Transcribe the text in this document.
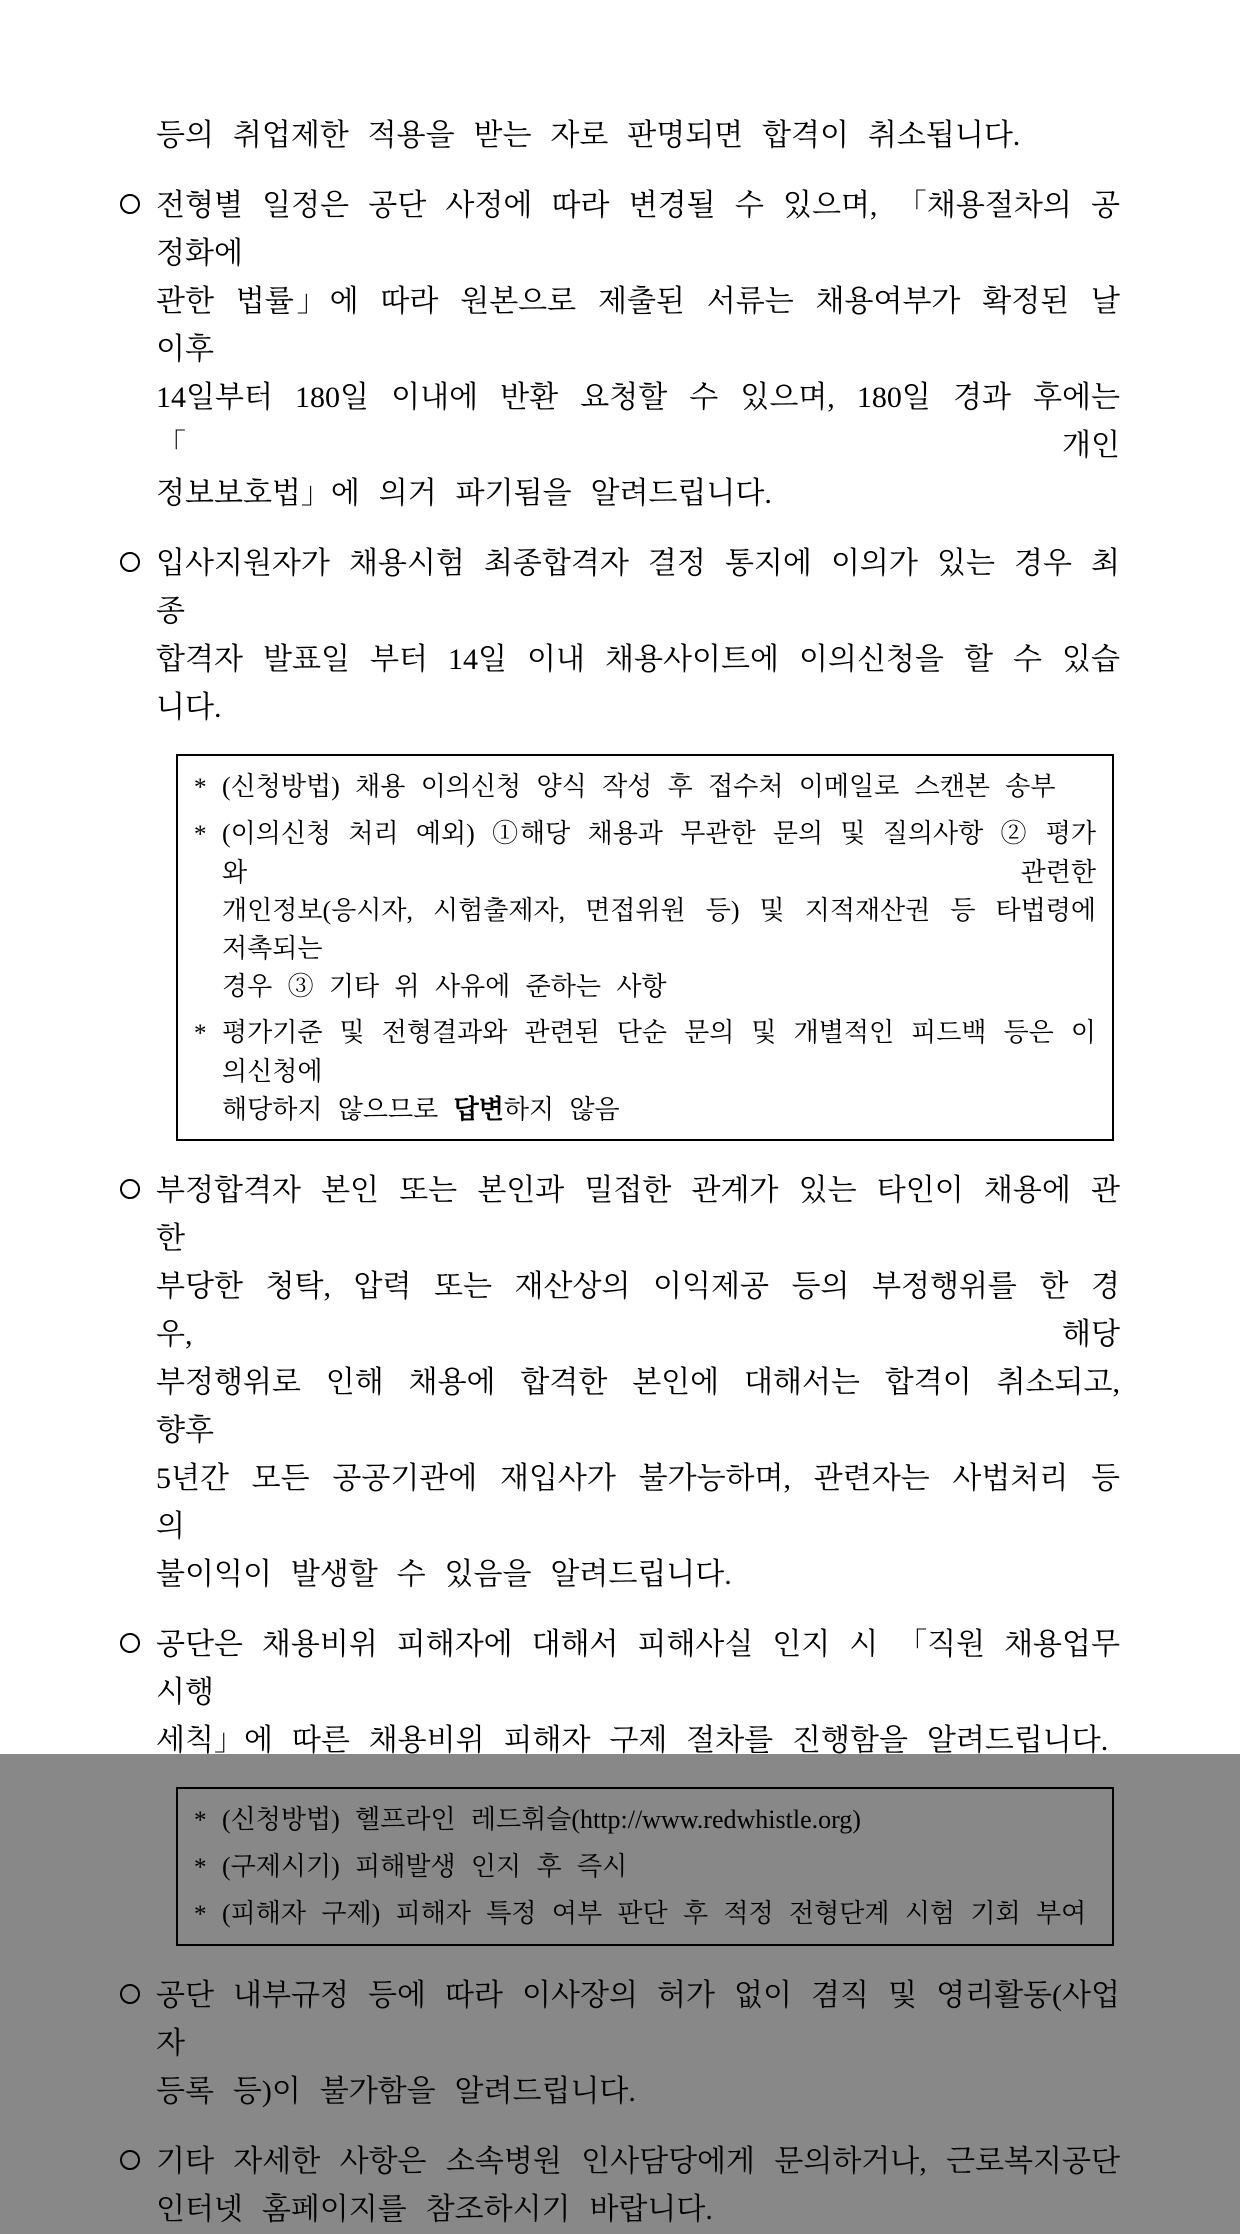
등의 취업제한 적용을 받는 자로 판명되면 합격이 취소됩니다.
전형별 일정은 공단 사정에 따라 변경될 수 있으며, 「채용절차의 공정화에
관한 법률」에 따라 원본으로 제출된 서류는 채용여부가 확정된 날 이후
14일부터 180일 이내에 반환 요청할 수 있으며, 180일 경과 후에는 「개인
정보보호법」에 의거 파기됨을 알려드립니다.
입사지원자가 채용시험 최종합격자 결정 통지에 이의가 있는 경우 최종
합격자 발표일 부터 14일 이내 채용사이트에 이의신청을 할 수 있습니다.
* (신청방법) 채용 이의신청 양식 작성 후 접수처 이메일로 스캔본 송부
* (이의신청 처리 예외) ①해당 채용과 무관한 문의 및 질의사항 ② 평가와 관련한
개인정보(응시자, 시험출제자, 면접위원 등) 및 지적재산권 등 타법령에 저촉되는
경우 ③ 기타 위 사유에 준하는 사항
* 평가기준 및 전형결과와 관련된 단순 문의 및 개별적인 피드백 등은 이의신청에
해당하지 않으므로 답변하지 않음
부정합격자 본인 또는 본인과 밀접한 관계가 있는 타인이 채용에 관한
부당한 청탁, 압력 또는 재산상의 이익제공 등의 부정행위를 한 경우, 해당
부정행위로 인해 채용에 합격한 본인에 대해서는 합격이 취소되고, 향후
5년간 모든 공공기관에 재입사가 불가능하며, 관련자는 사법처리 등의
불이익이 발생할 수 있음을 알려드립니다.
공단은 채용비위 피해자에 대해서 피해사실 인지 시 「직원 채용업무 시행
세칙」에 따른 채용비위 피해자 구제 절차를 진행함을 알려드립니다.
* (신청방법) 헬프라인 레드휘슬(http://www.redwhistle.org)
* (구제시기) 피해발생 인지 후 즉시
* (피해자 구제) 피해자 특정 여부 판단 후 적정 전형단계 시험 기회 부여
공단 내부규정 등에 따라 이사장의 허가 없이 겸직 및 영리활동(사업자
등록 등)이 불가함을 알려드립니다.
기타 자세한 사항은 소속병원 인사담당에게 문의하거나, 근로복지공단
인터넷 홈페이지를 참조하시기 바랍니다.
